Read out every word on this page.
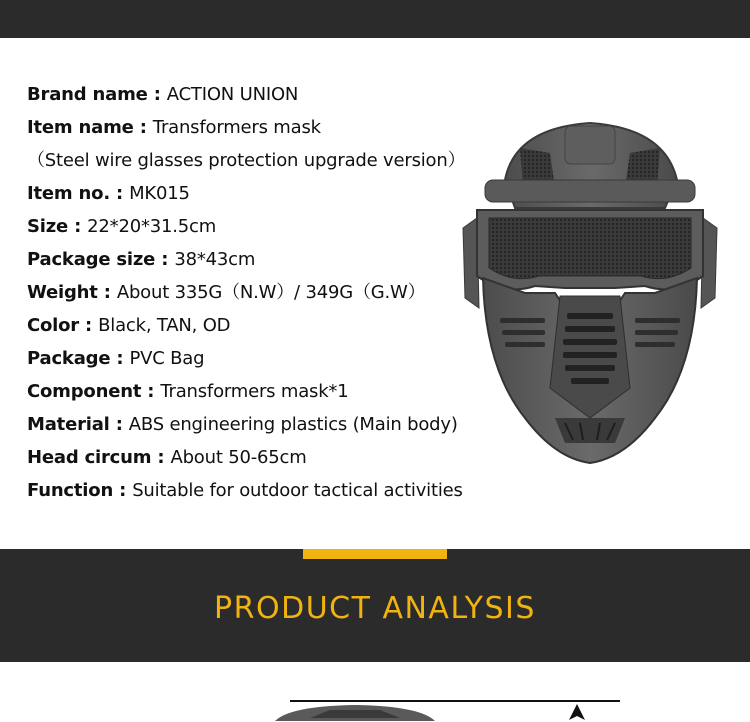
Brand name : ACTION UNION
Item name : Transformers mask
（Steel wire glasses protection upgrade version）
Item no. : MK015
Size : 22*20*31.5cm
Package size : 38*43cm
Weight : About 335G（N.W）/ 349G（G.W）
Color : Black, TAN, OD
Package : PVC Bag
Component : Transformers mask*1
Material : ABS engineering plastics (Main body)
Head circum : About 50-65cm
Function : Suitable for outdoor tactical activities
PRODUCT ANALYSIS
